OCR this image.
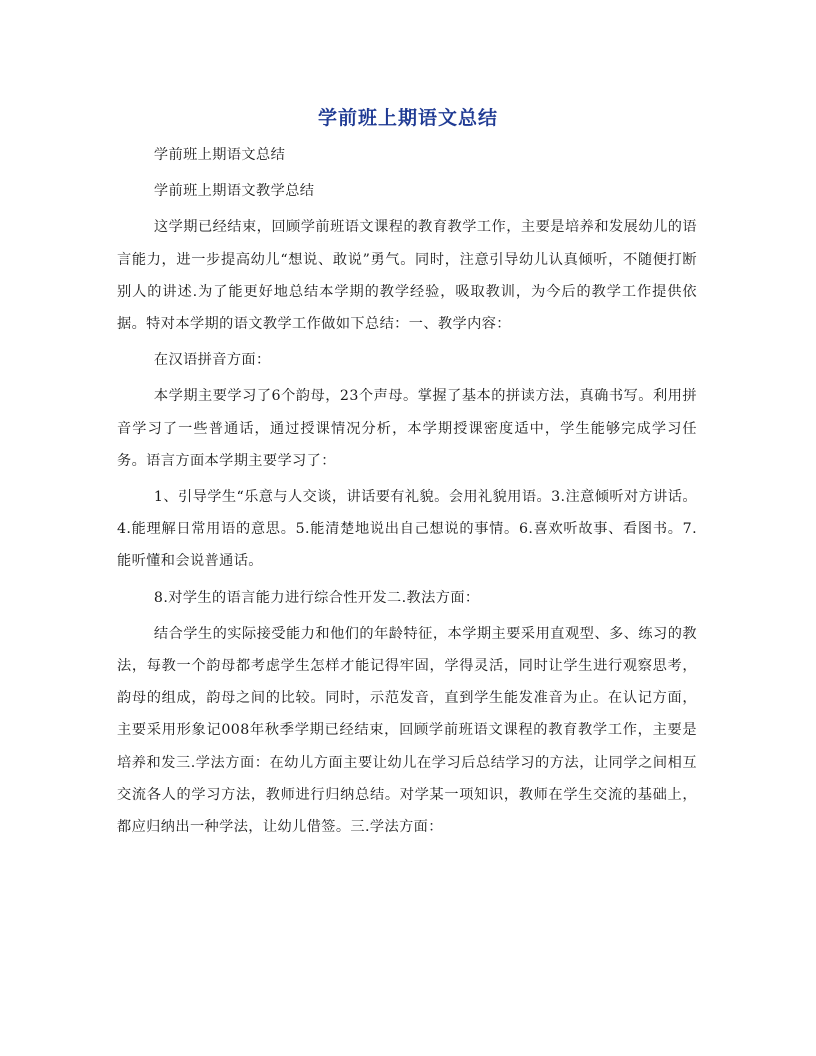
学前班上期语文总结

学前班上期语文总结

学前班上期语文教学总结

这学期已经结束，回顾学前班语文课程的教育教学工作，主要是培养和发展幼儿的语言能力，进一步提高幼儿“想说、敢说”勇气。同时，注意引导幼儿认真倾听，不随便打断别人的讲述.为了能更好地总结本学期的教学经验，吸取教训，为今后的教学工作提供依据。特对本学期的语文教学工作做如下总结：一、教学内容：

在汉语拼音方面：

本学期主要学习了6个韵母，23个声母。掌握了基本的拼读方法，真确书写。利用拼音学习了一些普通话，通过授课情况分析，本学期授课密度适中，学生能够完成学习任务。语言方面本学期主要学习了：

1、引导学生“乐意与人交谈，讲话要有礼貌。会用礼貌用语。3.注意倾听对方讲话。4.能理解日常用语的意思。5.能清楚地说出自己想说的事情。6.喜欢听故事、看图书。7.能听懂和会说普通话。

8.对学生的语言能力进行综合性开发二.教法方面：

结合学生的实际接受能力和他们的年龄特征，本学期主要采用直观型、多、练习的教法，每教一个韵母都考虑学生怎样才能记得牢固，学得灵活，同时让学生进行观察思考，韵母的组成，韵母之间的比较。同时，示范发音，直到学生能发准音为止。在认记方面，主要采用形象记008年秋季学期已经结束，回顾学前班语文课程的教育教学工作，主要是培养和发三.学法方面：在幼儿方面主要让幼儿在学习后总结学习的方法，让同学之间相互交流各人的学习方法，教师进行归纳总结。对学某一项知识，教师在学生交流的基础上，都应归纳出一种学法，让幼儿借签。三.学法方面：
